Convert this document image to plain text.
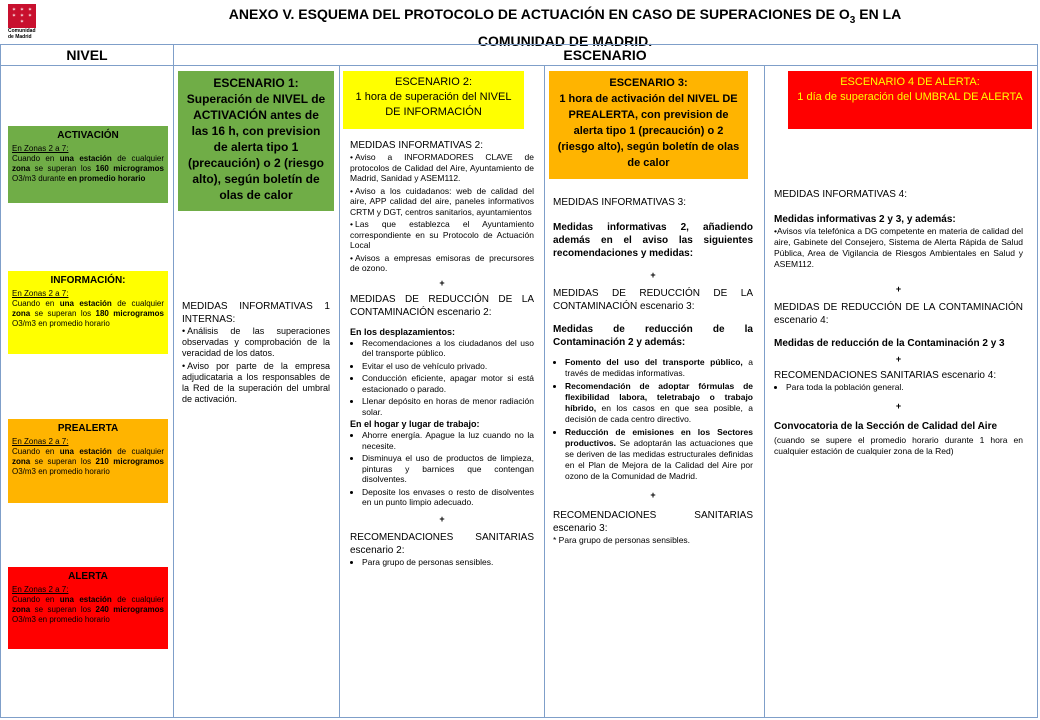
✶ ✶ ✶
✶ ✶ ✶
✶
Comunidad de Madrid
ANEXO V. ESQUEMA DEL PROTOCOLO DE ACTUACIÓN EN CASO DE SUPERACIONES DE $O_3$ EN LA
COMUNIDAD DE MADRID.
NIVEL	ESCENARIO
ACTIVACIÓN
En Zonas 2 a 7:
Cuando en una estación de cualquier zona se superan los 160 microgramos O3/m3 durante en promedio horario
INFORMACIÓN:
En Zonas 2 a 7:
Cuando en una estación de cualquier zona se superan los 180 microgramos O3/m3 en promedio horario
PREALERTA
En Zonas 2 a 7:
Cuando en una estación de cualquier zona se superan los 210 microgramos O3/m3 en promedio horario
ALERTA
En Zonas 2 a 7:
Cuando en una estación de cualquier zona se superan los 240 microgramos O3/m3 en promedio horario
ESCENARIO 1:
Superación de NIVEL de ACTIVACIÓN antes de las 16 h, con prevision de alerta tipo 1 (precaución) o 2 (riesgo alto), según boletín de olas de calor

MEDIDAS INFORMATIVAS 1 INTERNAS:

• Análisis de las superaciones observadas y comprobación de la veracidad de los datos.
• Aviso por parte de la empresa adjudicataria a los responsables de la Red de la superación del umbral de activación.
ESCENARIO 2:
1 hora de superación del NIVEL DE INFORMACIÓN

MEDIDAS INFORMATIVAS 2:

• Aviso a INFORMADORES CLAVE de protocolos de Calidad del Aire, Ayuntamiento de Madrid, Sanidad y ASEM112.
• Aviso a los cuidadanos: web de calidad del aire, APP calidad del aire, paneles informativos CRTM y DGT, centros sanitarios, ayuntamientos
• Las que establezca el Ayuntamiento correspondiente en su Protocolo de Actuación Local
• Avisos a empresas emisoras de precursores de ozono.

+

MEDIDAS DE REDUCCIÓN DE LA CONTAMINACIÓN escenario 2:

En los desplazamientos:

• Recomendaciones a los ciudadanos del uso del transporte público.
• Evitar el uso de vehículo privado.
• Conducción eficiente, apagar motor si está estacionado o parado.
• Llenar depósito en horas de menor radiación solar.

En el hogar y lugar de trabajo:

• Ahorre energía. Apague la luz cuando no la necesite.
• Disminuya el uso de productos de limpieza, pinturas y barnices que contengan disolventes.
• Deposite los envases o resto de disolventes en un punto limpio adecuado.

+

RECOMENDACIONES SANITARIAS escenario 2:

• Para grupo de personas sensibles.
ESCENARIO 3:
1 hora de activación del NIVEL DE PREALERTA, con prevision de alerta tipo 1 (precaución) o 2 (riesgo alto), según boletín de olas de calor

MEDIDAS INFORMATIVAS 3:

Medidas informativas 2, añadiendo además en el aviso las siguientes recomendaciones y medidas:

+

MEDIDAS DE REDUCCIÓN DE LA CONTAMINACIÓN escenario 3:

Medidas de reducción de la Contaminación 2 y además:

• Fomento del uso del transporte público, a través de medidas informativas.
• Recomendación de adoptar fórmulas de flexibilidad labora, teletrabajo o trabajo híbrido, en los casos en que sea posible, a decisión de cada centro directivo.
• Reducción de emisiones en los Sectores productivos. Se adoptarán las actuaciones que se deriven de las medidas estructurales definidas en el Plan de Mejora de la Calidad del Aire por ozono de la Comunidad de Madrid.

+

RECOMENDACIONES SANITARIAS escenario 3:

* Para grupo de personas sensibles.

ESCENARIO 4 DE ALERTA:
1 día de superación del UMBRAL DE ALERTA

MEDIDAS INFORMATIVAS 4:

Medidas informativas 2 y 3, y además:

•Avisos vía telefónica a DG competente en materia de calidad del aire, Gabinete del Consejero, Sistema de Alerta Rápida de Salud Pública, Area de Vigilancia de Riesgos Ambientales en Salud y ASEM112.

+

MEDIDAS DE REDUCCIÓN DE LA CONTAMINACIÓN escenario 4:

Medidas de reducción de la Contaminación 2 y 3

+

RECOMENDACIONES SANITARIAS escenario 4:

• Para toda la población general.

+

Convocatoria de la Sección de Calidad del Aire

(cuando se supere el promedio horario durante 1 hora en cualquier estación de cualquier zona de la Red)
